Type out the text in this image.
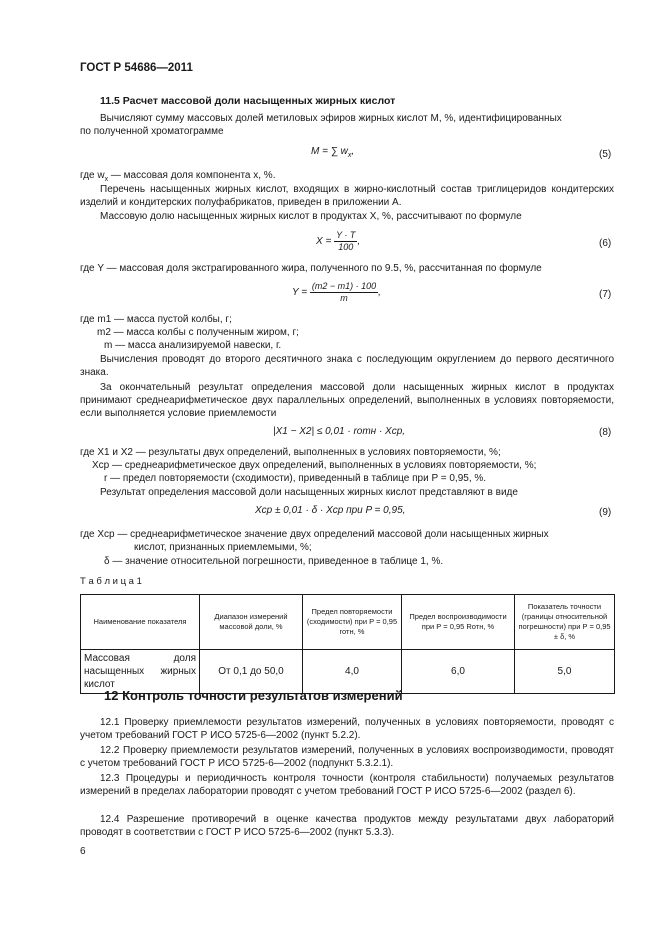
ГОСТ Р 54686—2011
11.5 Расчет массовой доли насыщенных жирных кислот
Вычисляют сумму массовых долей метиловых эфиров жирных кислот M, %, идентифицированных
по полученной хроматограмме
M = ∑ $w_x$,	(5)
где $w_x$ — массовая доля компонента x, %.
Перечень насыщенных жирных кислот, входящих в жирно-кислотный состав триглицеридов кондитерских изделий и кондитерских полуфабрикатов, приведен в приложении А.
Массовую долю насыщенных жирных кислот в продуктах X, %, рассчитывают по формуле
$X = \frac{Y \cdot T}{100}$ ,	(6)
где Y — массовая доля экстрагированного жира, полученного по 9.5, %, рассчитанная по формуле
$Y = \frac{(m2 - m1) \cdot 100}{m}$ ,	(7)
где m1 — масса пустой колбы, г;
m2 — масса колбы с полученным жиром, г;
m — масса анализируемой навески, г.
Вычисления проводят до второго десятичного знака с последующим округлением до первого десятичного знака.
За окончательный результат определения массовой доли насыщенных жирных кислот в продуктах принимают среднеарифметическое двух параллельных определений, выполненных в условиях повторяемости, если выполняется условие приемлемости
|X1 − X2| ≤ 0,01 · rотн · Xср,	(8)
где X1 и X2 — результаты двух определений, выполненных в условиях повторяемости, %;
Xср — среднеарифметическое двух определений, выполненных в условиях повторяемости, %;
r — предел повторяемости (сходимости), приведенный в таблице при P = 0,95, %.
Результат определения массовой доли насыщенных жирных кислот представляют в виде
Xср ± 0,01 · δ · Xср при P = 0,95,	(9)
где Xср — среднеарифметическое значение двух определений массовой доли насыщенных жирных
кислот, признанных приемлемыми, %;
δ — значение относительной погрешности, приведенное в таблице 1, %.
Т а б л и ц а 1
Наименование показателя	Диапазон измерений массовой доли, %	Предел повторяемости (сходимости) при P = 0,95 rотн, %	Предел воспроизводимости при P = 0,95 Rотн, %	Показатель точности (границы относительной погрешности) при P = 0,95 ± δ, %
Массовая доля насыщенных жирных кислот	От 0,1 до 50,0	4,0	6,0	5,0
12 Контроль точности результатов измерений
12.1 Проверку приемлемости результатов измерений, полученных в условиях повторяемости, проводят с учетом требований ГОСТ Р ИСО 5725-6—2002 (пункт 5.2.2).
12.2 Проверку приемлемости результатов измерений, полученных в условиях воспроизводимости, проводят с учетом требований ГОСТ Р ИСО 5725-6—2002 (подпункт 5.3.2.1).
12.3 Процедуры и периодичность контроля точности (контроля стабильности) получаемых результатов измерений в пределах лаборатории проводят с учетом требований ГОСТ Р ИСО 5725-6—2002 (раздел 6).
12.4 Разрешение противоречий в оценке качества продуктов между результатами двух лабораторий проводят в соответствии с ГОСТ Р ИСО 5725-6—2002 (пункт 5.3.3).
6
